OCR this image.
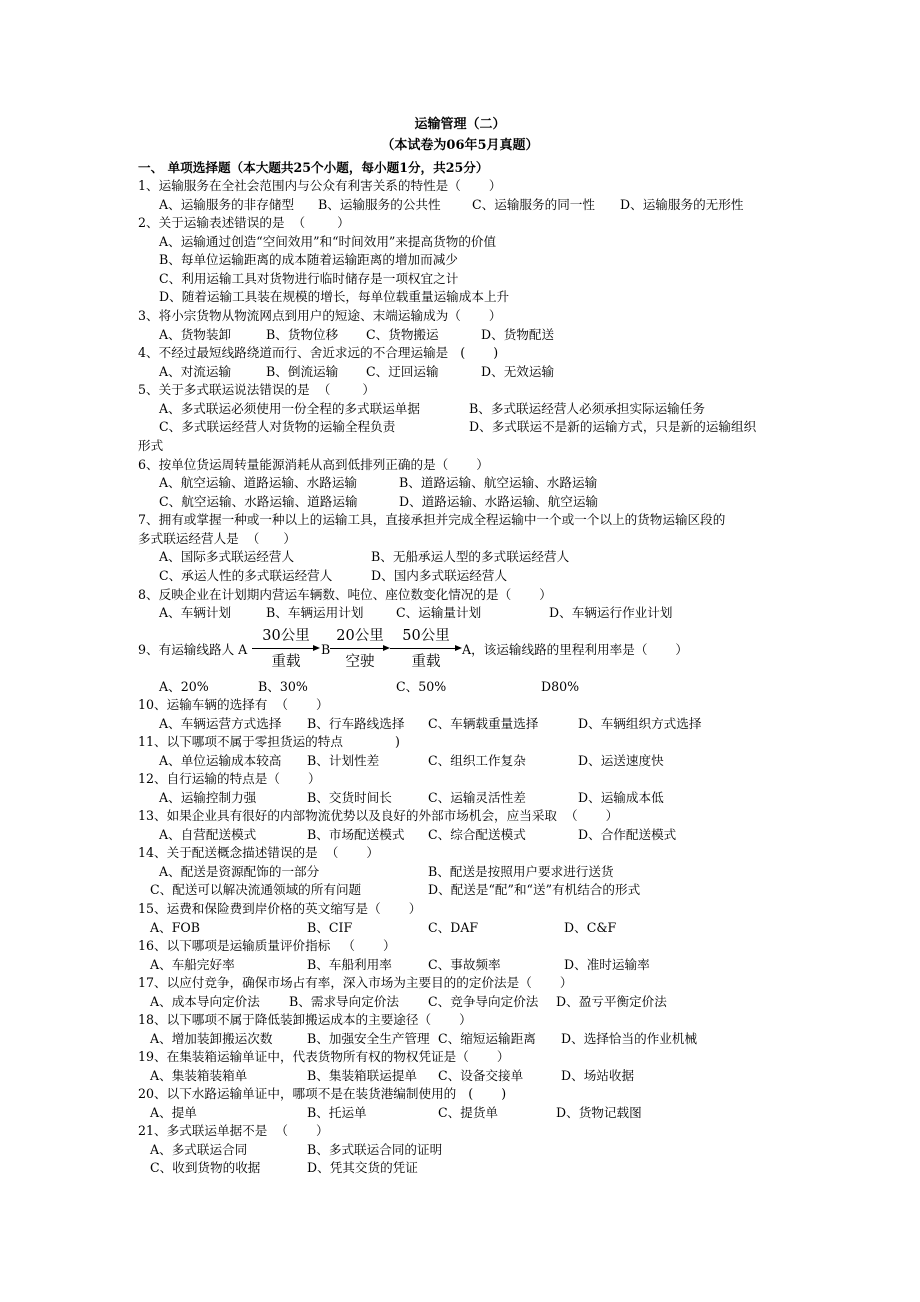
运输管理（二）
（本试卷为06年5月真题）
一、 单项选择题（本大题共25个小题，每小题1分，共25分）
1、运输服务在全社会范围内与公众有利害关系的特性是（       ）
A、运输服务的非存储型 B、运输服务的公共性 C、运输服务的同一性 D、运输服务的无形性
2、关于运输表述错误的是  （        ）
A、运输通过创造“空间效用”和“时间效用”来提高货物的价值
B、每单位运输距离的成本随着运输距离的增加而减少
C、利用运输工具对货物进行临时储存是一项权宜之计
D、随着运输工具装在规模的增长，每单位载重量运输成本上升
3、将小宗货物从物流网点到用户的短途、末端运输成为（       ）
A、货物装卸	B、货物位移 C、货物搬运	D、货物配送
4、不经过最短线路绕道而行、舍近求远的不合理运输是   (       )
A、对流运输	B、倒流运输 C、迂回运输	D、无效运输
5、关于多式联运说法错误的是  （        ）
A、多式联运必须使用一份全程的多式联运单据	B、多式联运经营人必须承担实际运输任务
C、多式联运经营人对货物的运输全程负责	D、多式联运不是新的运输方式，只是新的运输组织
形式
6、按单位货运周转量能源消耗从高到低排列正确的是（       ）
A、航空运输、道路运输、水路运输	B、道路运输、航空运输、水路运输
C、航空运输、水路运输、道路运输	D、道路运输、水路运输、航空运输
7、拥有或掌握一种或一种以上的运输工具，直接承担并完成全程运输中一个或一个以上的货物运输区段的
多式联运经营人是  （      ）
A、国际多式联运经营人	B、无船承运人型的多式联运经营人
C、承运人性的多式联运经营人	D、国内多式联运经营人
8、反映企业在计划期内营运车辆数、吨位、座位数变化情况的是（       ）
A、车辆计划	B、车辆运用计划	C、运输量计划	D、车辆运行作业计划
9、有运输线路人 A
30公里
重载
B
20公里
空驶
50公里
重载
A，该运输线路的里程利用率是（       ）
A、20%	B、30%	C、50%	D80%
10、运输车辆的选择有  （       ）
A、车辆运营方式选择 B、行车路线选择 C、车辆载重量选择	D、车辆组织方式选择
11、以下哪项不属于零担货运的特点             )
A、单位运输成本较高 B、计划性差	C、组织工作复杂	D、运送速度快
12、自行运输的特点是（       ）
A、运输控制力强	B、交货时间长	C、运输灵活性差	D、运输成本低
13、如果企业具有很好的内部物流优势以及良好的外部市场机会，应当采取  （       ）
A、自营配送模式	B、市场配送模式 C、综合配送模式	D、合作配送模式
14、关于配送概念描述错误的是  （       ）
A、配送是资源配饰的一部分	B、配送是按照用户要求进行送货
C、配送可以解决流通领域的所有问题	D、配送是“配”和“送”有机结合的形式
15、运费和保险费到岸价格的英文缩写是（       ）
A、FOB	B、CIF	C、DAF	D、C&F
16、以下哪项是运输质量评价指标   （       ）
A、车船完好率	B、车船利用率	C、事故频率	D、准时运输率
17、以应付竞争，确保市场占有率，深入市场为主要目的的定价法是（       ）
A、成本导向定价法 B、需求导向定价法 C、竞争导向定价法 D、盈亏平衡定价法
18、以下哪项不属于降低装卸搬运成本的主要途径（       ）
A、增加装卸搬运次数	B、加强安全生产管理 C、缩短运输距离 D、选择恰当的作业机械
19、在集装箱运输单证中，代表货物所有权的物权凭证是（       ）
A、集装箱装箱单	B、集装箱联运提单 C、设备交接单	D、场站收据
20、以下水路运输单证中，哪项不是在装货港编制使用的   (       )
A、提单	B、托运单	C、提货单	D、货物记载图
21、多式联运单据不是  （       ）
A、多式联运合同	B、多式联运合同的证明
C、收到货物的收据	D、凭其交货的凭证
